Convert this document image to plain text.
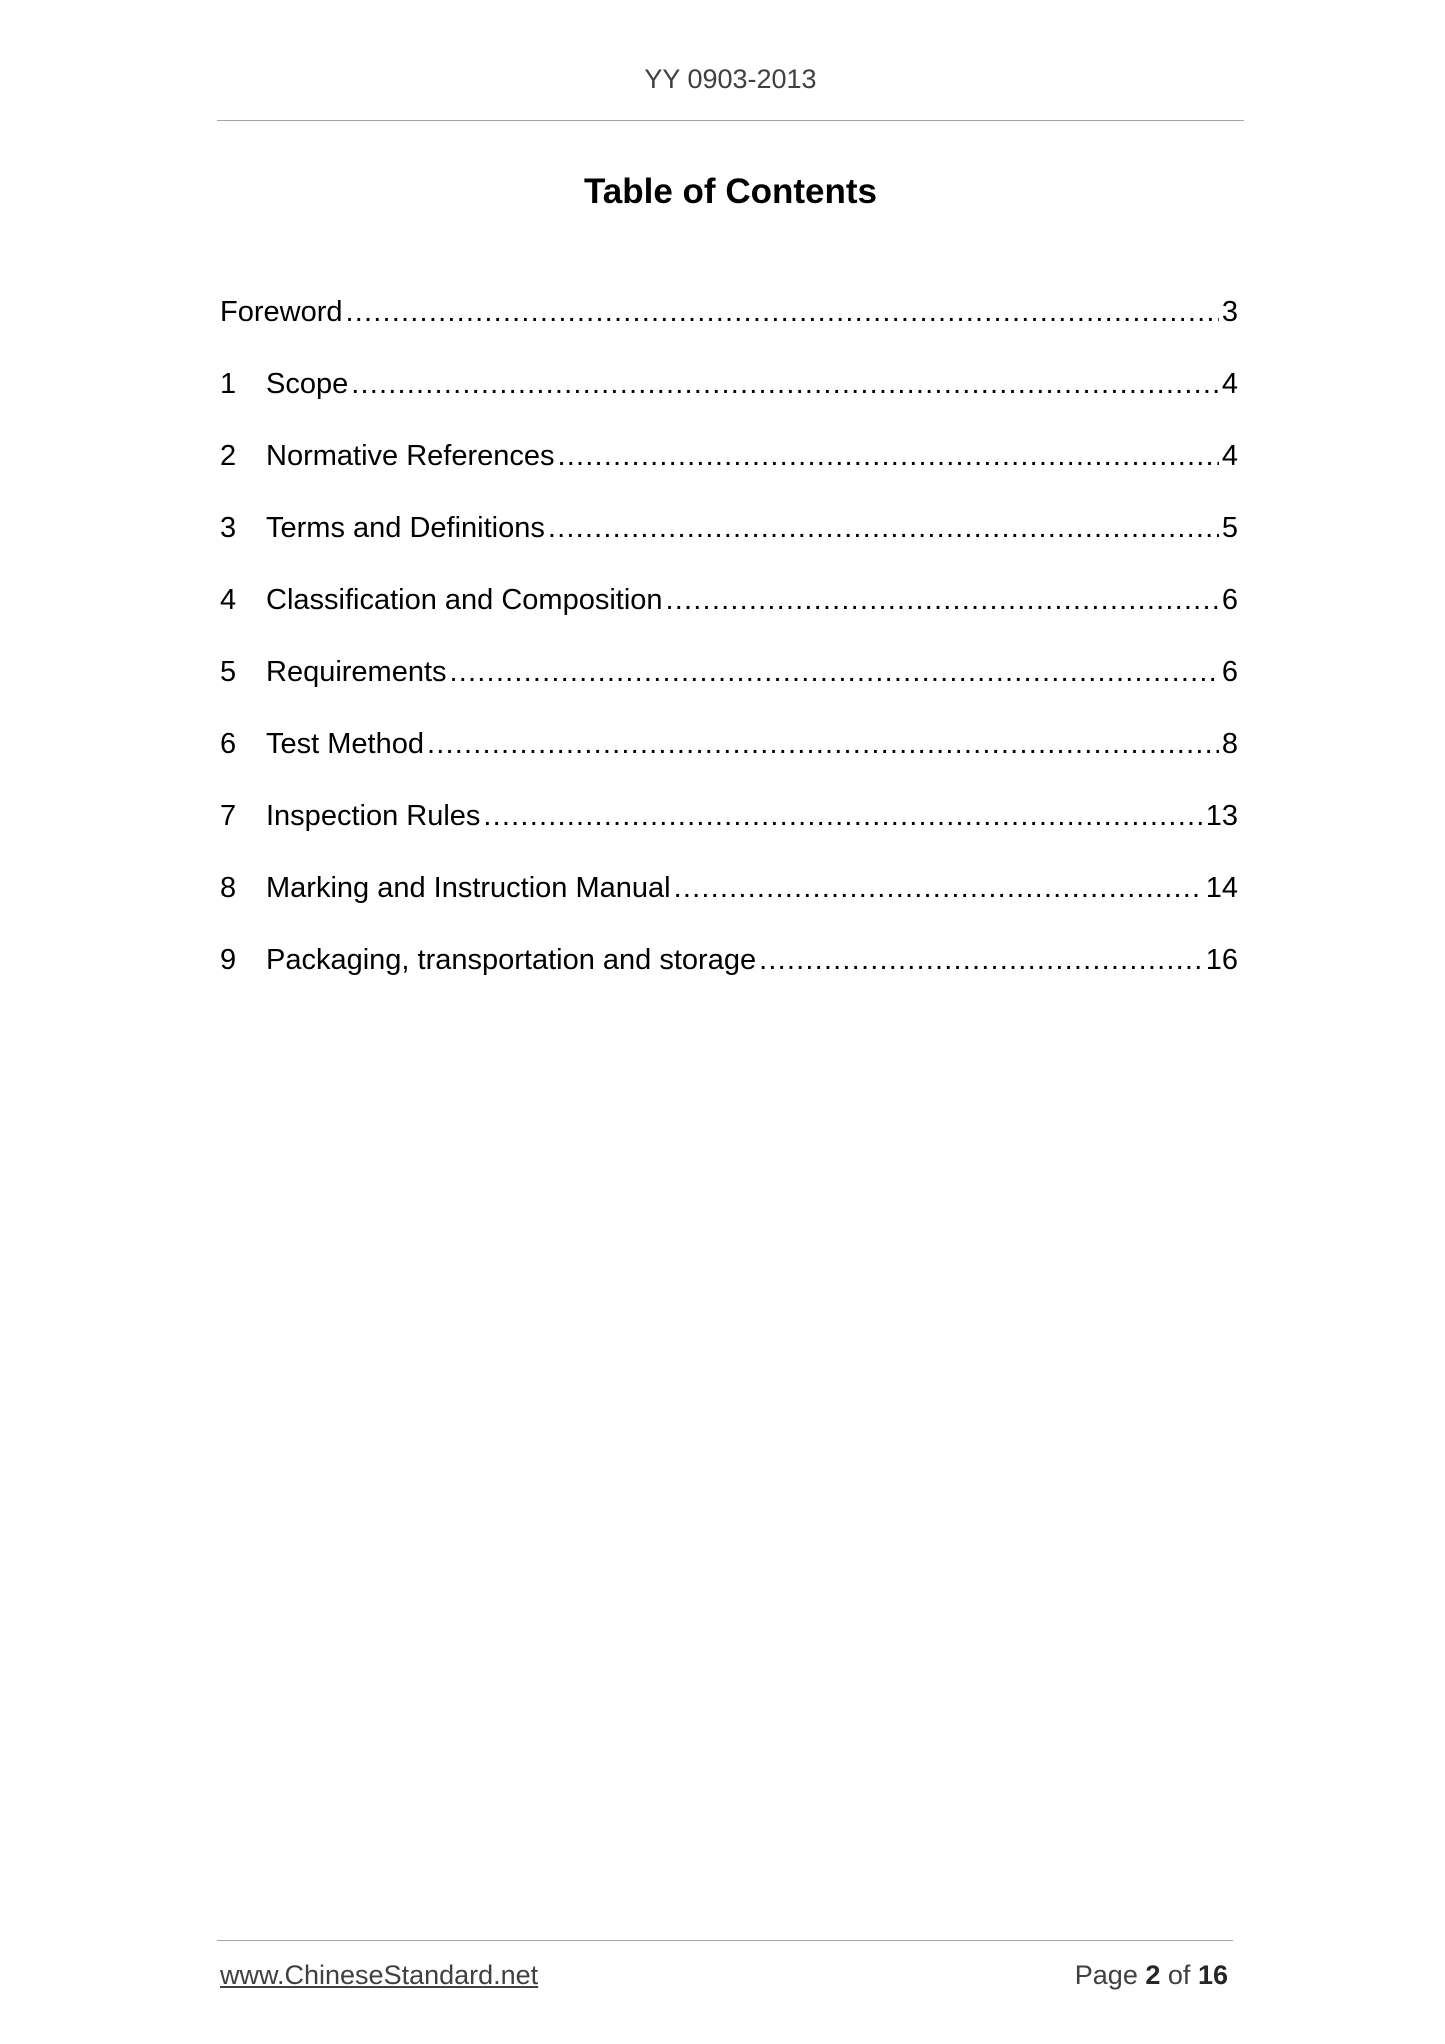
YY 0903-2013
Table of Contents
Foreword .....	3
1	Scope .....	4
2	Normative References .....	4
3	Terms and Definitions .....	5
4	Classification and Composition .....	6
5	Requirements .....	6
6	Test Method .....	8
7	Inspection Rules .....	13
8	Marking and Instruction Manual .....	14
9	Packaging, transportation and storage .....	16
www.ChineseStandard.net	Page 2 of 16
